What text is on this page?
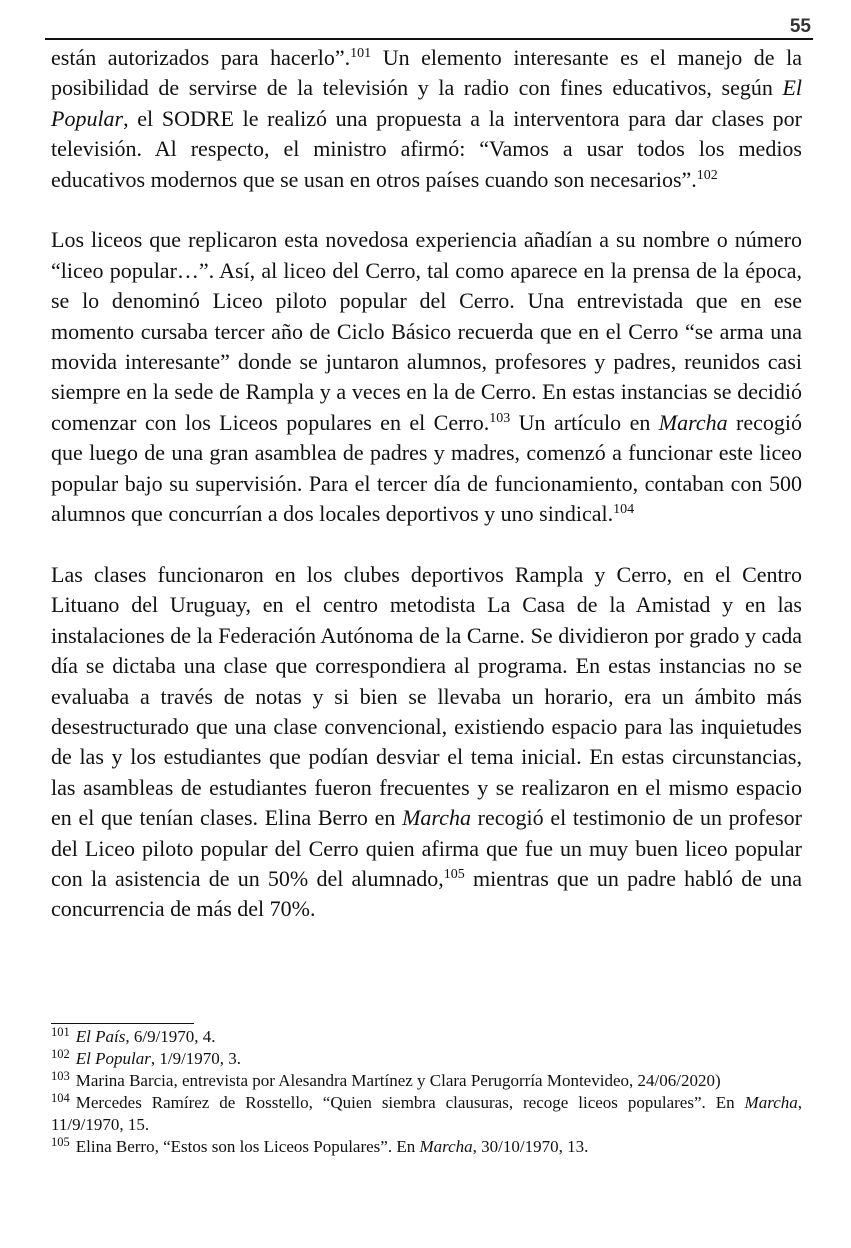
55

están autorizados para hacerlo”.$^{101}$ Un elemento interesante es el manejo de la posibilidad de servirse de la televisión y la radio con fines educativos, según El Popular, el SODRE le realizó una propuesta a la interventora para dar clases por televisión. Al respecto, el ministro afirmó: “Vamos a usar todos los medios educativos modernos que se usan en otros países cuando son necesarios”.$^{102}$

Los liceos que replicaron esta novedosa experiencia añadían a su nombre o número “liceo popular…”. Así, al liceo del Cerro, tal como aparece en la prensa de la época, se lo denominó Liceo piloto popular del Cerro. Una entrevistada que en ese momento cursaba tercer año de Ciclo Básico recuerda que en el Cerro “se arma una movida interesante” donde se juntaron alumnos, profesores y padres, reunidos casi siempre en la sede de Rampla y a veces en la de Cerro. En estas instancias se decidió comenzar con los Liceos populares en el Cerro.$^{103}$ Un artículo en Marcha recogió que luego de una gran asamblea de padres y madres, comenzó a funcionar este liceo popular bajo su supervisión. Para el tercer día de funcionamiento, contaban con 500 alumnos que concurrían a dos locales deportivos y uno sindical.$^{104}$

Las clases funcionaron en los clubes deportivos Rampla y Cerro, en el Centro Lituano del Uruguay, en el centro metodista La Casa de la Amistad y en las instalaciones de la Federación Autónoma de la Carne. Se dividieron por grado y cada día se dictaba una clase que correspondiera al programa. En estas instancias no se evaluaba a través de notas y si bien se llevaba un horario, era un ámbito más desestructurado que una clase convencional, existiendo espacio para las inquietudes de las y los estudiantes que podían desviar el tema inicial. En estas circunstancias, las asambleas de estudiantes fueron frecuentes y se realizaron en el mismo espacio en el que tenían clases. Elina Berro en Marcha recogió el testimonio de un profesor del Liceo piloto popular del Cerro quien afirma que fue un muy buen liceo popular con la asistencia de un 50% del alumnado,$^{105}$ mientras que un padre habló de una concurrencia de más del 70%.

$^{101}$ El País, 6/9/1970, 4.

$^{102}$ El Popular, 1/9/1970, 3.

$^{103}$ Marina Barcia, entrevista por Alesandra Martínez y Clara Perugorría Montevideo, 24/06/2020)

$^{104}$ Mercedes Ramírez de Rosstello, “Quien siembra clausuras, recoge liceos populares”. En Marcha, 11/9/1970, 15.

$^{105}$ Elina Berro, “Estos son los Liceos Populares”. En Marcha, 30/10/1970, 13.
